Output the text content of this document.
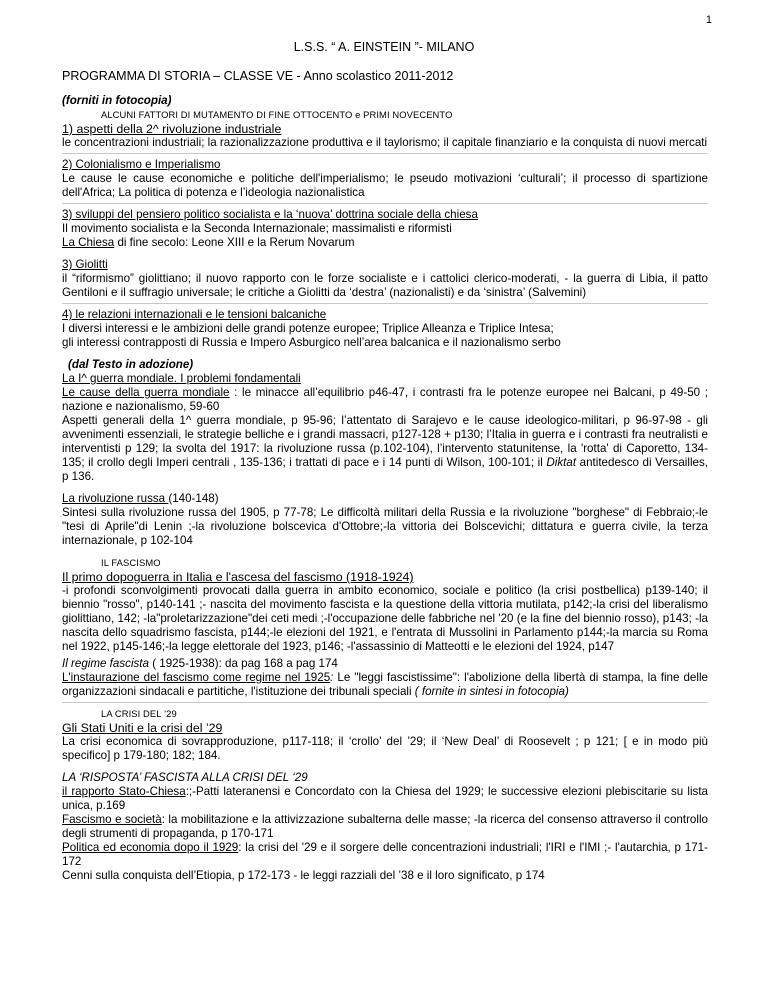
1
L.S.S. “ A. EINSTEIN ”- MILANO
PROGRAMMA DI STORIA – CLASSE VE - Anno scolastico 2011-2012

(forniti in fotocopia)

ALCUNI FATTORI DI MUTAMENTO DI FINE OTTOCENTO e PRIMI NOVECENTO

1) aspetti della 2^ rivoluzione industriale

le concentrazioni industriali; la razionalizzazione produttiva e il taylorismo; il capitale finanziario e la conquista di nuovi mercati

2) Colonialismo e Imperialismo

Le cause le cause economiche e politiche dell'imperialismo; le pseudo motivazioni ‘culturali’; il processo di spartizione dell'Africa; La politica di potenza e l’ideologia nazionalistica

3) sviluppi del pensiero politico socialista e la ‘nuova’ dottrina sociale della chiesa

Il movimento socialista e la Seconda Internazionale; massimalisti e riformisti

La Chiesa di fine secolo: Leone XIII e la Rerum Novarum

3) Giolitti

il “riformismo” giolittiano; il nuovo rapporto con le forze socialiste e i cattolici clerico-moderati, - la guerra di Libia, il patto Gentiloni e il suffragio universale; le critiche a Giolitti da ‘destra’ (nazionalisti) e da ‘sinistra’ (Salvemini)

4) le relazioni internazionali e le tensioni balcaniche

I diversi interessi e le ambizioni delle grandi potenze europee; Triplice Alleanza e Triplice Intesa;

gli interessi contrapposti di Russia e Impero Asburgico nell’area balcanica e il nazionalismo serbo

(dal Testo in adozione)

La I^ guerra mondiale. I problemi fondamentali

Le cause della guerra mondiale : le minacce all’equilibrio p46-47, i contrasti fra le potenze europee nei Balcani, p 49-50 ; nazione e nazionalismo, 59-60

Aspetti generali della 1^ guerra mondiale, p 95-96; l’attentato di Sarajevo e le cause ideologico-militari, p 96-97-98 - gli avvenimenti essenziali, le strategie belliche e i grandi massacri, p127-128 + p130; l’Italia in guerra e i contrasti fra neutralisti e interventisti p 129; la svolta del 1917: la rivoluzione russa (p.102-104), l’intervento statunitense, la 'rotta' di Caporetto, 134-135; il crollo degli Imperi centrali , 135-136; i trattati di pace e i 14 punti di Wilson, 100-101; il Diktat antitedesco di Versailles, p 136.

La rivoluzione russa (140-148)

Sintesi sulla rivoluzione russa del 1905, p 77-78; Le difficoltà militari della Russia e la rivoluzione "borghese" di Febbraio;-le "tesi di Aprile"di Lenin ;-la rivoluzione bolscevica d'Ottobre;-la vittoria dei Bolscevichi; dittatura e guerra civile, la terza internazionale, p 102-104

IL FASCISMO

Il primo dopoguerra in Italia e l'ascesa del fascismo (1918-1924)

-i profondi sconvolgimenti provocati dalla guerra in ambito economico, sociale e politico (la crisi postbellica) p139-140; il biennio "rosso", p140-141 ;- nascita del movimento fascista e la questione della vittoria mutilata, p142;-la crisi del liberalismo giolittiano, 142; -la"proletarizzazione"dei ceti medi ;-l'occupazione delle fabbriche nel '20 (e la fine del biennio rosso), p143; -la nascita dello squadrismo fascista, p144;-le elezioni del 1921, e l'entrata di Mussolini in Parlamento p144;-la marcia su Roma nel 1922, p145-146;-la legge elettorale del 1923, p146; -l'assassinio di Matteotti e le elezioni del 1924, p147

Il regime fascista ( 1925-1938): da pag 168 a pag 174

L'instaurazione del fascismo come regime nel 1925: Le "leggi fascistissime": l'abolizione della libertà di stampa, la fine delle organizzazioni sindacali e partitiche, l'istituzione dei tribunali speciali ( fornite in sintesi in fotocopia)

LA CRISI DEL ’29

Gli Stati Uniti e la crisi del ’29

La crisi economica di sovrapproduzione, p117-118; il ‘crollo’ del ’29; il ‘New Deal’ di Roosevelt ; p 121; [ e in modo più specifico] p 179-180; 182; 184.

LA ‘RISPOSTA’ FASCISTA ALLA CRISI DEL ‘29

il rapporto Stato-Chiesa:;-Patti lateranensi e Concordato con la Chiesa del 1929; le successive elezioni plebiscitarie su lista unica, p.169

Fascismo e società: la mobilitazione e la attivizzazione subalterna delle masse; -la ricerca del consenso attraverso il controllo degli strumenti di propaganda, p 170-171

Politica ed economia dopo il 1929: la crisi del '29 e il sorgere delle concentrazioni industriali; l'IRI e l'IMI ;- l'autarchia, p 171-172

Cenni sulla conquista dell’Etiopia, p 172-173 - le leggi razziali del ’38 e il loro significato, p 174
